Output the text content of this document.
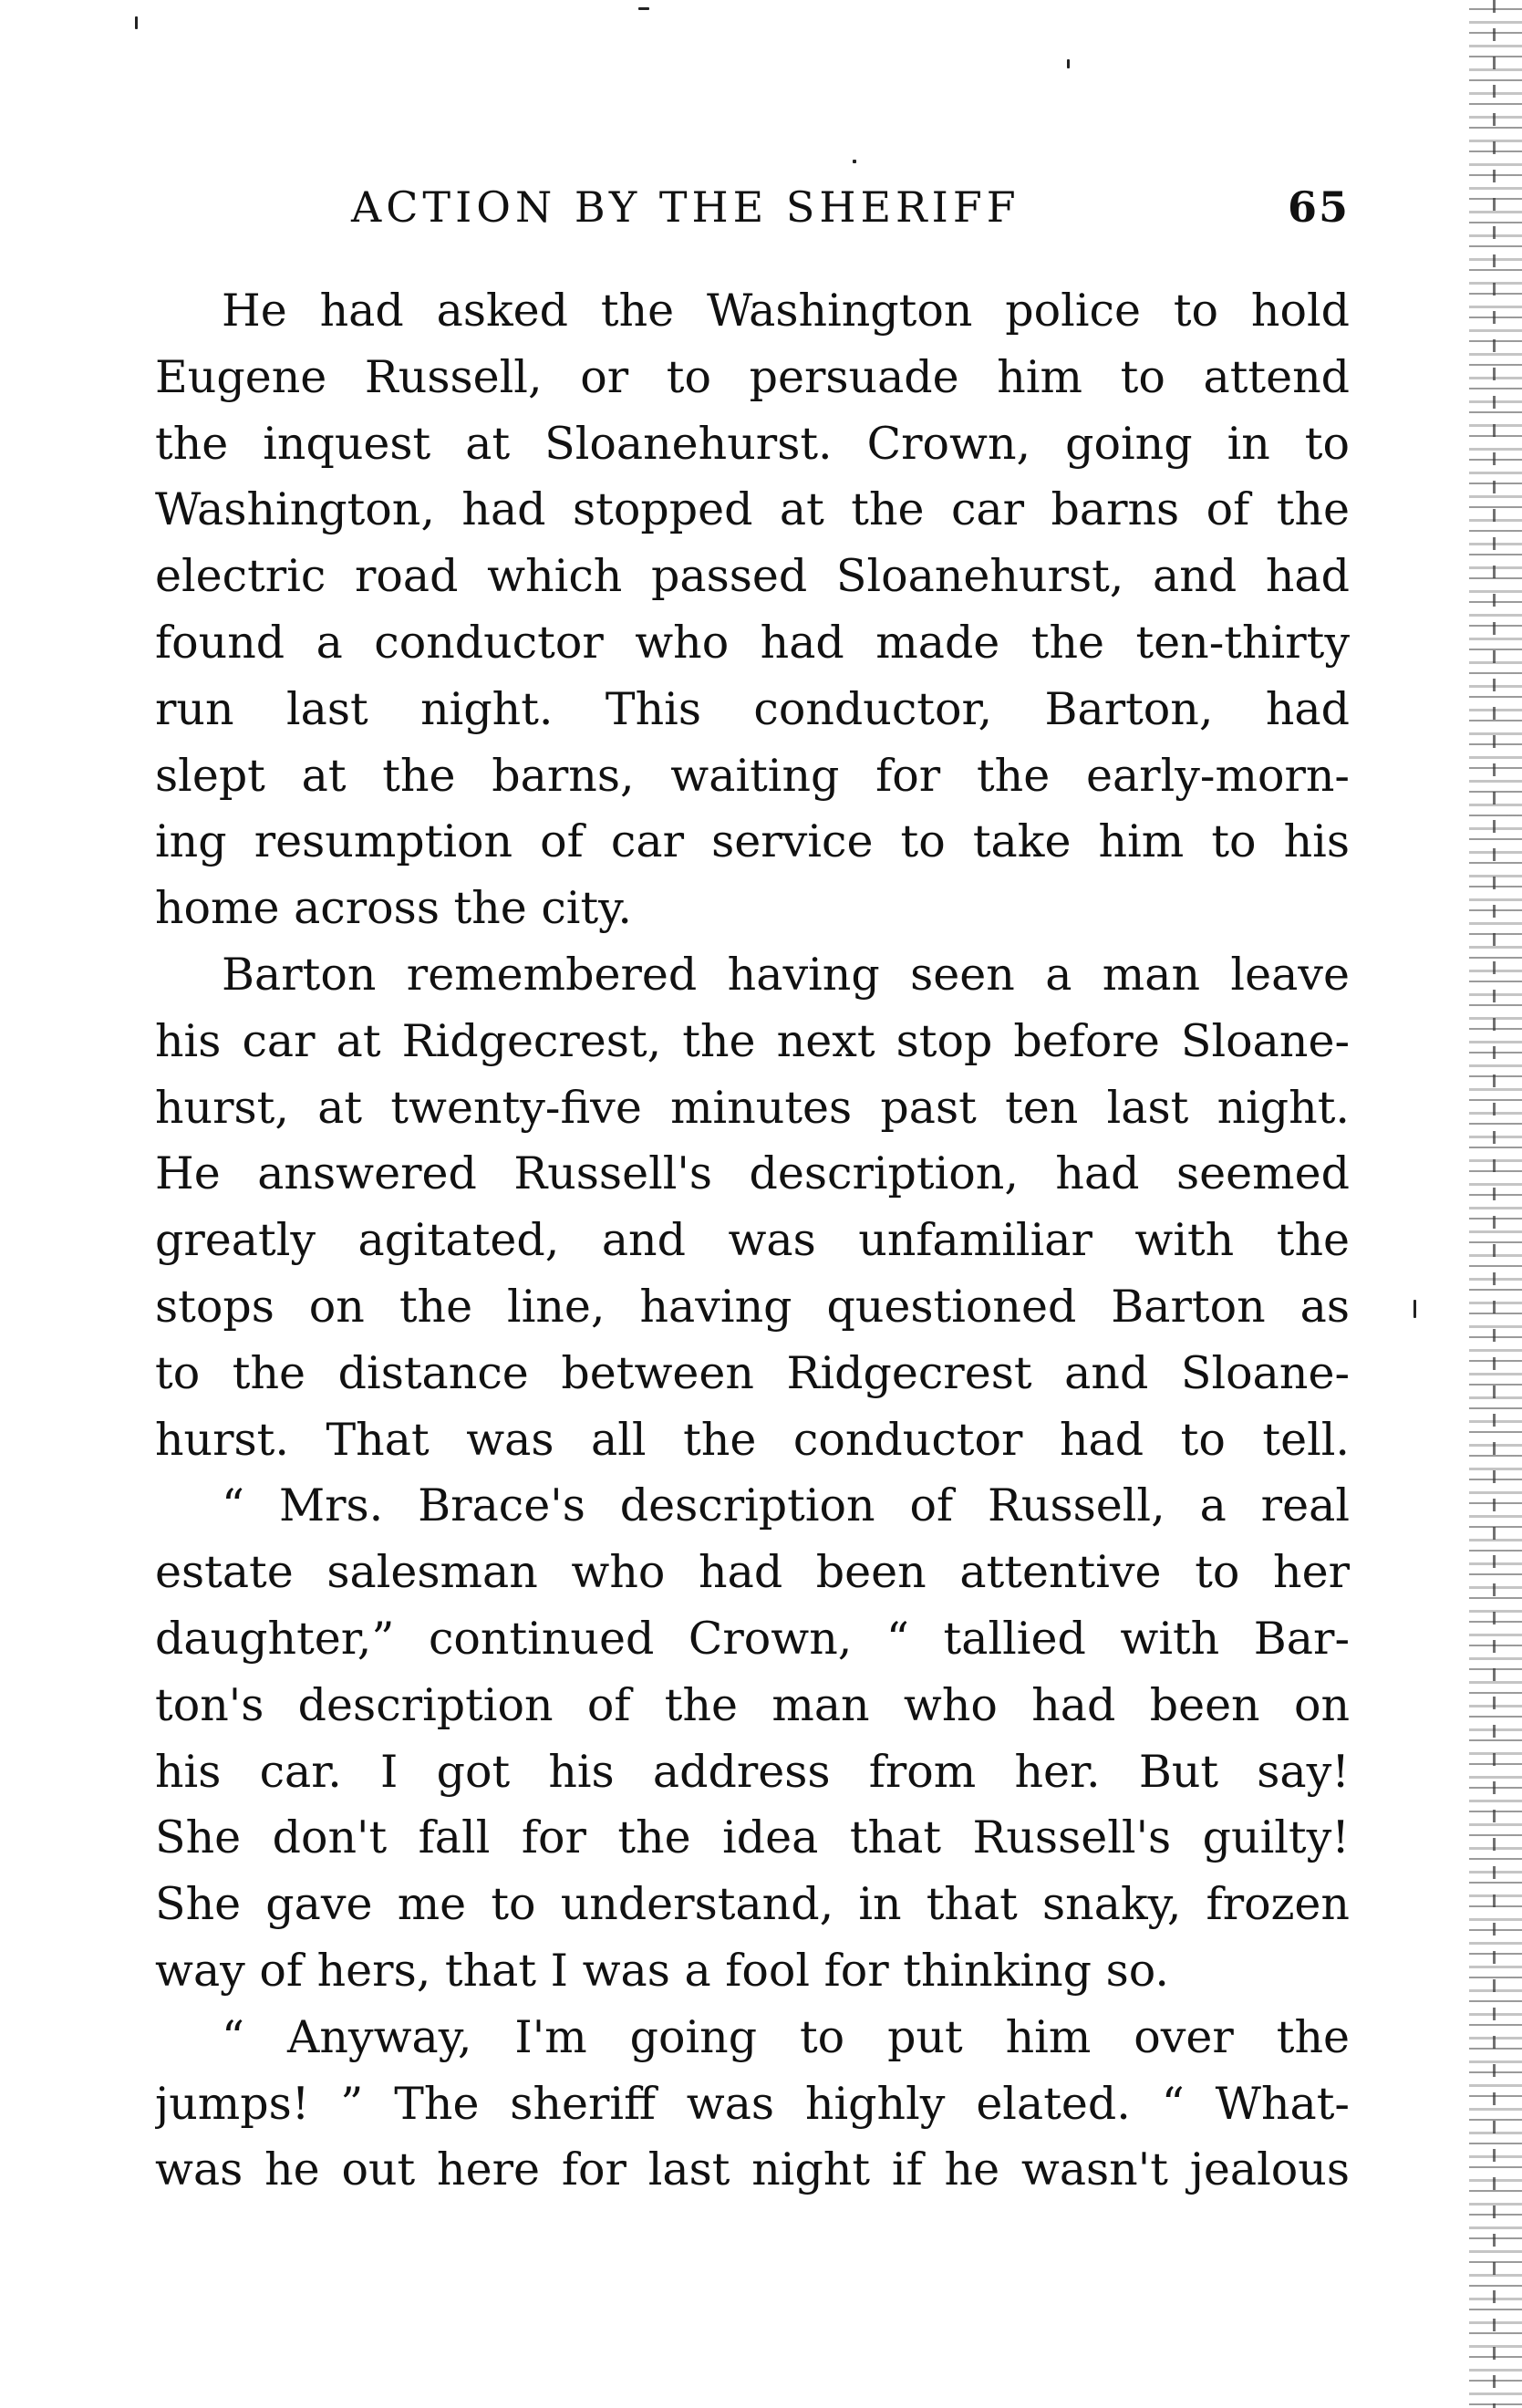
ACTION BY THE SHERIFF	65
He had asked the Washington police to hold
Eugene Russell, or to persuade him to attend
the inquest at Sloanehurst. Crown, going in to
Washington, had stopped at the car barns of the
electric road which passed Sloanehurst, and had
found a conductor who had made the ten-thirty
run last night. This conductor, Barton, had
slept at the barns, waiting for the early-morn-
ing resumption of car service to take him to his
home across the city.
Barton remembered having seen a man leave
his car at Ridgecrest, the next stop before Sloane-
hurst, at twenty-five minutes past ten last night.
He answered Russell's description, had seemed
greatly agitated, and was unfamiliar with the
stops on the line, having questioned Barton as
to the distance between Ridgecrest and Sloane-
hurst. That was all the conductor had to tell.
“ Mrs. Brace's description of Russell, a real
estate salesman who had been attentive to her
daughter,” continued Crown, “ tallied with Bar-
ton's description of the man who had been on
his car. I got his address from her. But say!
She don't fall for the idea that Russell's guilty!
She gave me to understand, in that snaky, frozen
way of hers, that I was a fool for thinking so.
“ Anyway, I'm going to put him over the
jumps! ” The sheriff was highly elated. “ What-
was he out here for last night if he wasn't jealous
